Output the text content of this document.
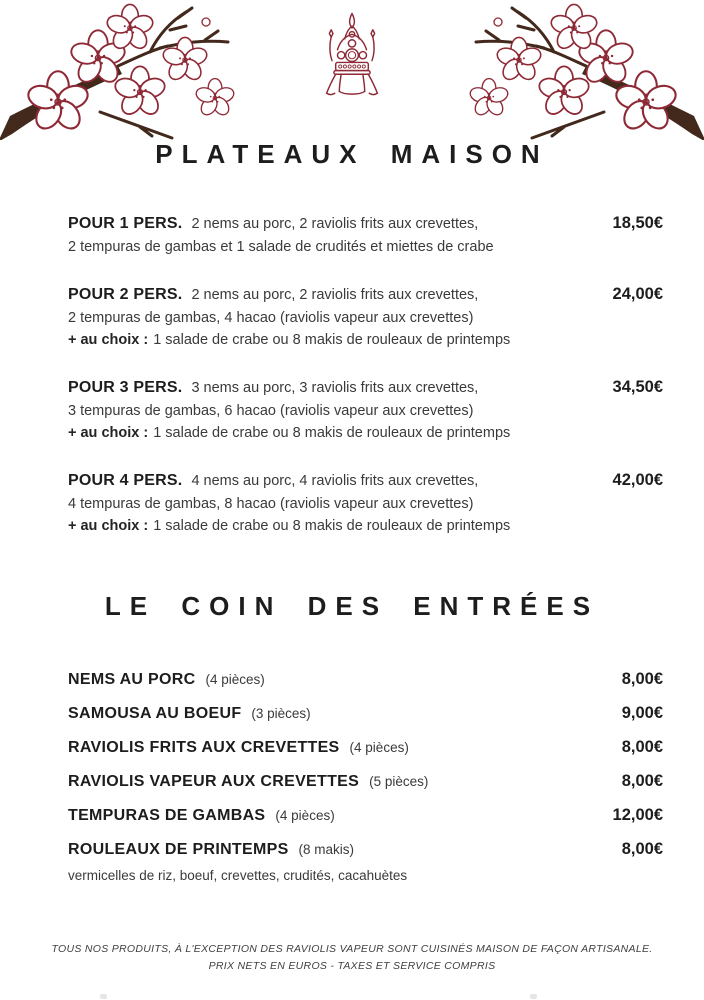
PLATEAUX MAISON
POUR 1 PERS. 2 nems au porc, 2 raviolis frits aux crevettes,	18,50€
2 tempuras de gambas et 1 salade de crudités et miettes de crabe
POUR 2 PERS. 2 nems au porc, 2 raviolis frits aux crevettes,	24,00€
2 tempuras de gambas, 4 hacao (raviolis vapeur aux crevettes)
+ au choix : 1 salade de crabe ou 8 makis de rouleaux de printemps
POUR 3 PERS. 3 nems au porc, 3 raviolis frits aux crevettes,	34,50€
3 tempuras de gambas, 6 hacao (raviolis vapeur aux crevettes)
+ au choix : 1 salade de crabe ou 8 makis de rouleaux de printemps
POUR 4 PERS. 4 nems au porc, 4 raviolis frits aux crevettes,	42,00€
4 tempuras de gambas, 8 hacao (raviolis vapeur aux crevettes)
+ au choix : 1 salade de crabe ou 8 makis de rouleaux de printemps
LE COIN DES ENTRÉES
NEMS AU PORC (4 pièces)	8,00€
SAMOUSA AU BOEUF (3 pièces)	9,00€
RAVIOLIS FRITS AUX CREVETTES (4 pièces)	8,00€
RAVIOLIS VAPEUR AUX CREVETTES (5 pièces)	8,00€
TEMPURAS DE GAMBAS (4 pièces)	12,00€
ROULEAUX DE PRINTEMPS (8 makis)	8,00€
vermicelles de riz, boeuf, crevettes, crudités, cacahuètes
TOUS NOS PRODUITS, À L'EXCEPTION DES RAVIOLIS VAPEUR SONT CUISINÉS MAISON DE FAÇON ARTISANALE.
PRIX NETS EN EUROS - TAXES ET SERVICE COMPRIS
